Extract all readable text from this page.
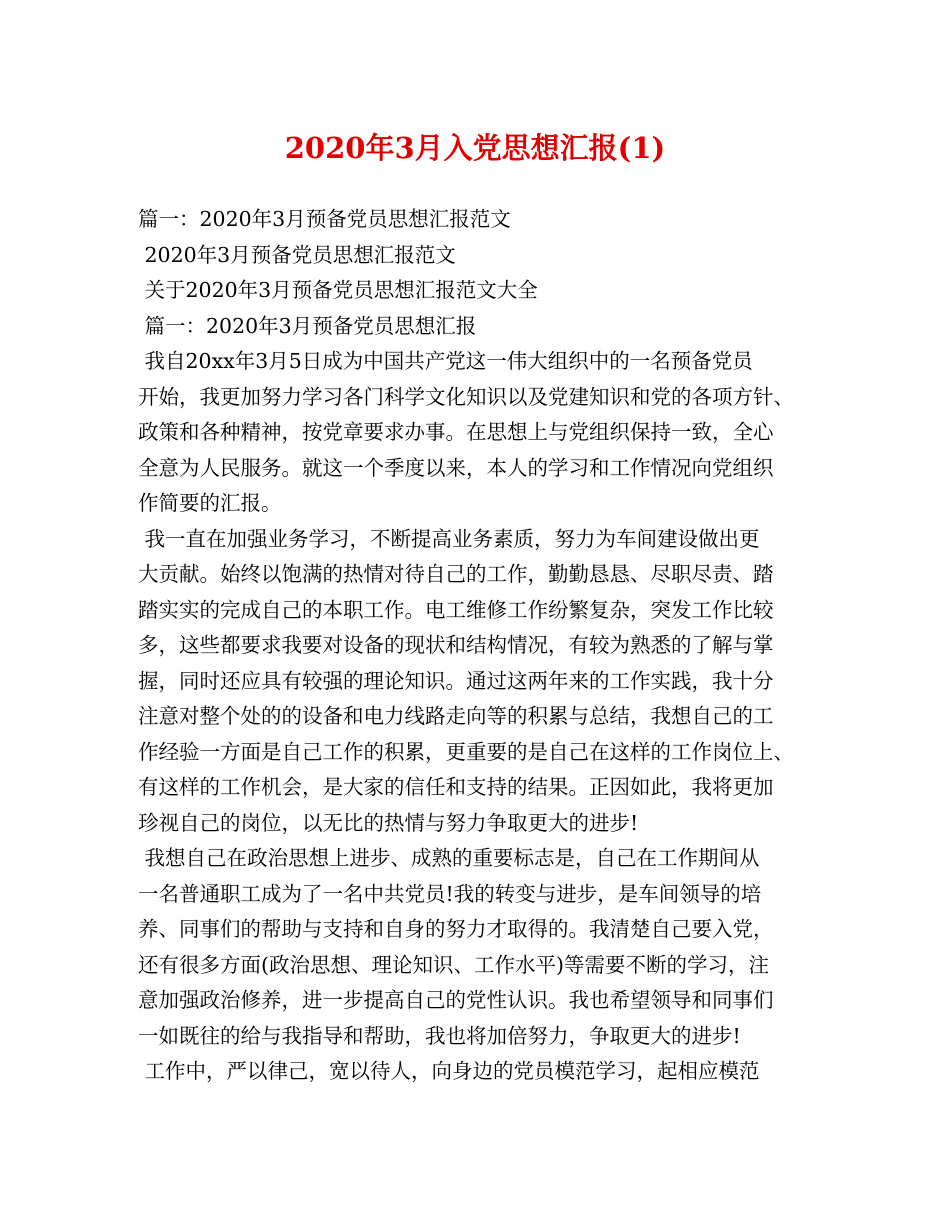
2020年3月入党思想汇报(1)
篇一：2020年3月预备党员思想汇报范文
2020年3月预备党员思想汇报范文
关于2020年3月预备党员思想汇报范文大全
篇一：2020年3月预备党员思想汇报
我自20xx年3月5日成为中国共产党这一伟大组织中的一名预备党员
开始，我更加努力学习各门科学文化知识以及党建知识和党的各项方针、
政策和各种精神，按党章要求办事。在思想上与党组织保持一致，全心
全意为人民服务。就这一个季度以来，本人的学习和工作情况向党组织
作简要的汇报。
我一直在加强业务学习，不断提高业务素质，努力为车间建设做出更
大贡献。始终以饱满的热情对待自己的工作，勤勤恳恳、尽职尽责、踏
踏实实的完成自己的本职工作。电工维修工作纷繁复杂，突发工作比较
多，这些都要求我要对设备的现状和结构情况，有较为熟悉的了解与掌
握，同时还应具有较强的理论知识。通过这两年来的工作实践，我十分
注意对整个处的的设备和电力线路走向等的积累与总结，我想自己的工
作经验一方面是自己工作的积累，更重要的是自己在这样的工作岗位上、
有这样的工作机会，是大家的信任和支持的结果。正因如此，我将更加
珍视自己的岗位，以无比的热情与努力争取更大的进步!
我想自己在政治思想上进步、成熟的重要标志是，自己在工作期间从
一名普通职工成为了一名中共党员!我的转变与进步，是车间领导的培
养、同事们的帮助与支持和自身的努力才取得的。我清楚自己要入党，
还有很多方面(政治思想、理论知识、工作水平)等需要不断的学习，注
意加强政治修养，进一步提高自己的党性认识。我也希望领导和同事们
一如既往的给与我指导和帮助，我也将加倍努力，争取更大的进步!
工作中，严以律己，宽以待人，向身边的党员模范学习，起相应模范
